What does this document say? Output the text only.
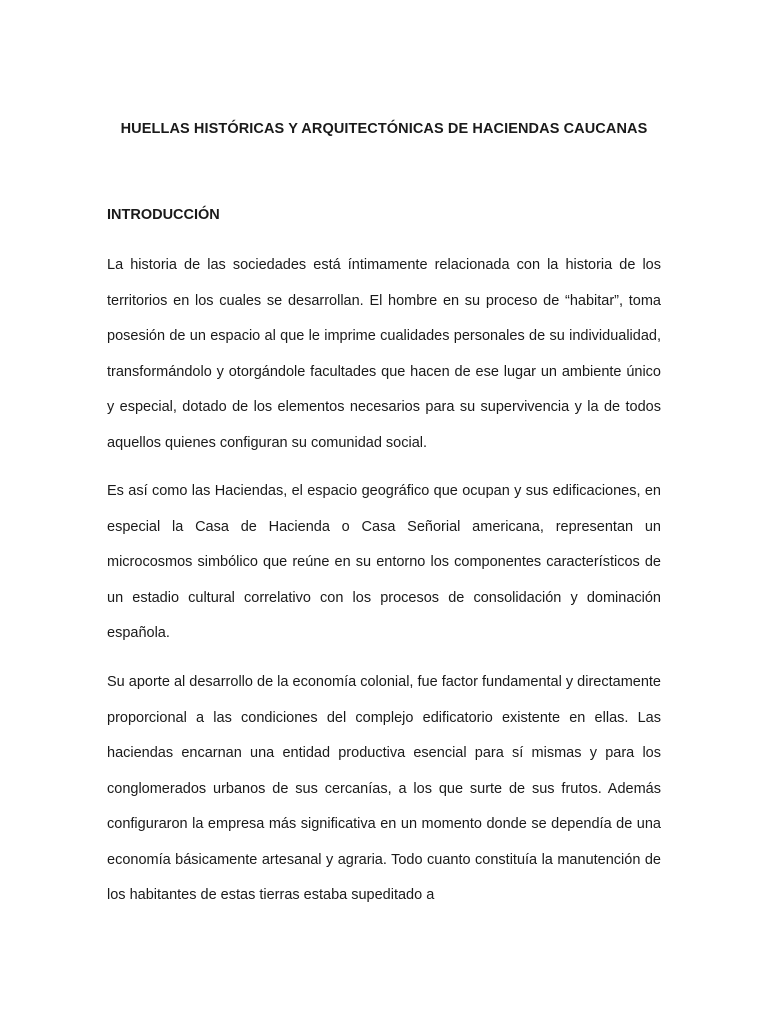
HUELLAS HISTÓRICAS Y ARQUITECTÓNICAS DE HACIENDAS CAUCANAS
INTRODUCCIÓN

La historia de las sociedades está íntimamente relacionada con la historia de los territorios en los cuales se desarrollan. El hombre en su proceso de “habitar”, toma posesión de un espacio al que le imprime cualidades personales de su individualidad, transformándolo y otorgándole facultades que hacen de ese lugar un ambiente único y especial, dotado de los elementos necesarios para su supervivencia y la de todos aquellos quienes configuran su comunidad social.

Es así como las Haciendas, el espacio geográfico que ocupan y sus edificaciones, en especial la Casa de Hacienda o Casa Señorial americana, representan un microcosmos simbólico que reúne en su entorno los componentes característicos de un estadio cultural correlativo con los procesos de consolidación y dominación española.

Su aporte al desarrollo de la economía colonial, fue factor fundamental y directamente proporcional a las condiciones del complejo edificatorio existente en ellas. Las haciendas encarnan una entidad productiva esencial para sí mismas y para los conglomerados urbanos de sus cercanías, a los que surte de sus frutos. Además configuraron la empresa más significativa en un momento donde se dependía de una economía básicamente artesanal y agraria. Todo cuanto constituía la manutención de los habitantes de estas tierras estaba supeditado a
